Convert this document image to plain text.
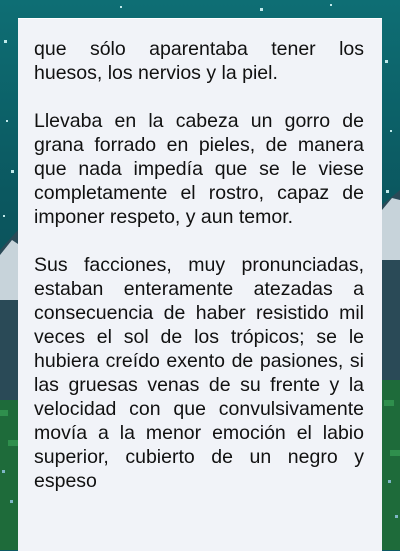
que sólo aparentaba tener los huesos, los nervios y la piel.

Llevaba en la cabeza un gorro de grana forrado en pieles, de manera que nada impedía que se le viese completamente el rostro, capaz de imponer respeto, y aun temor.

Sus facciones, muy pronunciadas, estaban enteramente atezadas a consecuencia de haber resistido mil veces el sol de los trópicos; se le hubiera creído exento de pasiones, si las gruesas venas de su frente y la velocidad con que convulsivamente movía a la menor emoción el labio superior, cubierto de un negro y espeso
